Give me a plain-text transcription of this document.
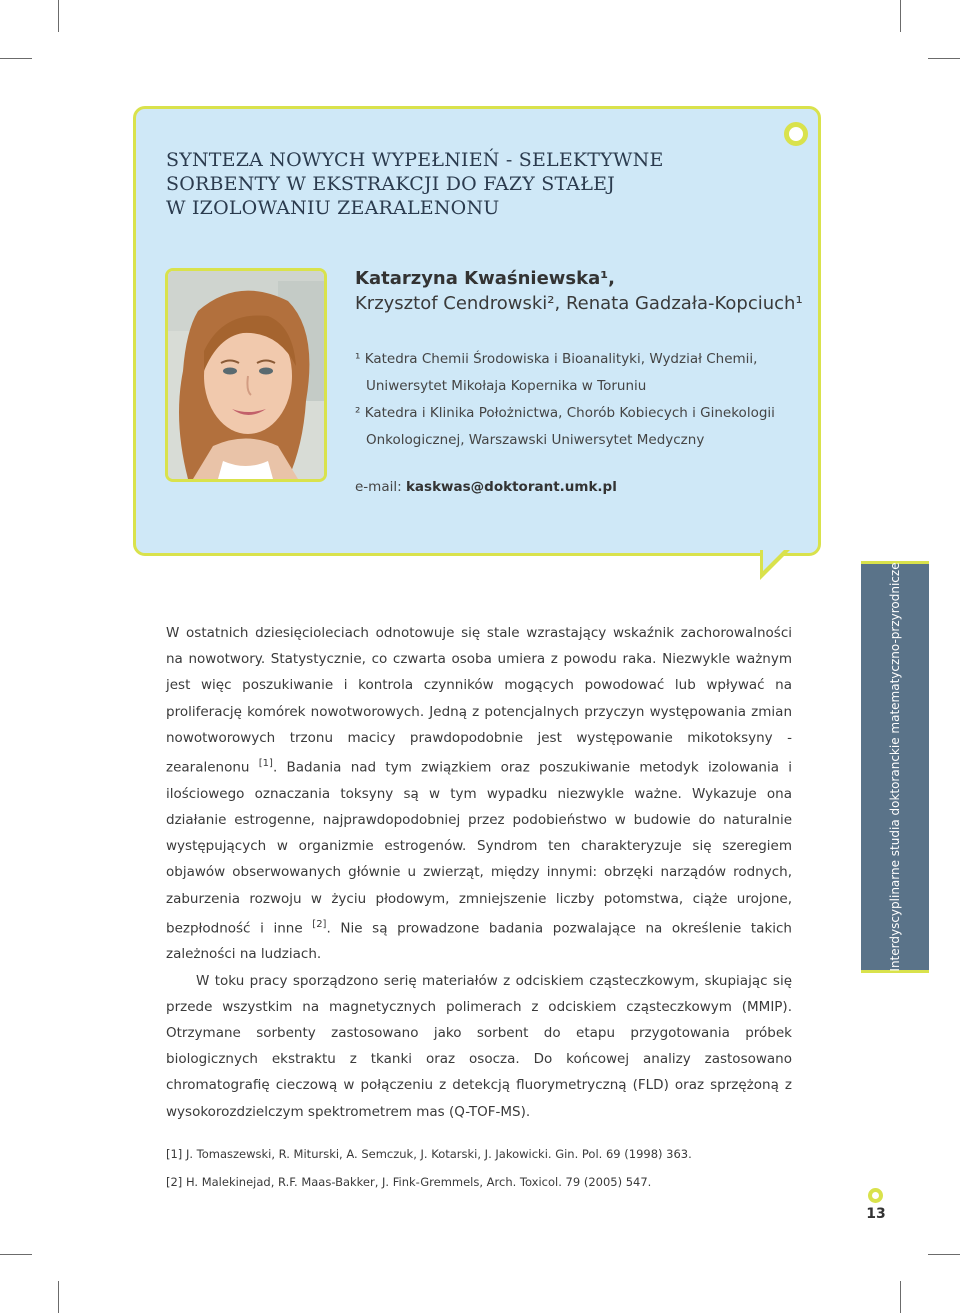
SYNTEZA NOWYCH WYPEŁNIEŃ - SELEKTYWNE
SORBENTY W EKSTRAKCJI DO FAZY STAŁEJ
W IZOLOWANIU ZEARALENONU
Katarzyna Kwaśniewska¹,
Krzysztof Cendrowski², Renata Gadzała-Kopciuch¹
¹ Katedra Chemii Środowiska i Bioanalityki, Wydział Chemii,
Uniwersytet Mikołaja Kopernika w Toruniu
² Katedra i Klinika Położnictwa, Chorób Kobiecych i Ginekologii
Onkologicznej, Warszawski Uniwersytet Medyczny
e-mail: kaskwas@doktorant.umk.pl
Interdyscyplinarne studia doktoranckie matematyczno-przyrodnicze

W ostatnich dziesięcioleciach odnotowuje się stale wzrastający wskaźnik zachorowalności na nowotwory. Statystycznie, co czwarta osoba umiera z powodu raka. Niezwykle ważnym jest więc poszukiwanie i kontrola czynników mogących powodować lub wpływać na proliferację komórek nowotworowych. Jedną z potencjalnych przyczyn występowania zmian nowotworowych trzonu macicy prawdopodobnie jest występowanie mikotoksyny - zearalenonu [1]. Badania nad tym związkiem oraz poszukiwanie metodyk izolowania i ilościowego oznaczania toksyny są w tym wypadku niezwykle ważne. Wykazuje ona działanie estrogenne, najprawdopodobniej przez podobieństwo w budowie do naturalnie występujących w organizmie estrogenów. Syndrom ten charakteryzuje się szeregiem objawów obserwowanych głównie u zwierząt, między innymi: obrzęki narządów rodnych, zaburzenia rozwoju w życiu płodowym, zmniejszenie liczby potomstwa, ciąże urojone, bezpłodność i inne [2]. Nie są prowadzone badania pozwalające na określenie takich zależności na ludziach.

W toku pracy sporządzono serię materiałów z odciskiem cząsteczkowym, skupiając się przede wszystkim na magnetycznych polimerach z odciskiem cząsteczkowym (MMIP). Otrzymane sorbenty zastosowano jako sorbent do etapu przygotowania próbek biologicznych ekstraktu z tkanki oraz osocza. Do końcowej analizy zastosowano chromatografię cieczową w połączeniu z detekcją fluorymetryczną (FLD) oraz sprzężoną z wysokorozdzielczym spektrometrem mas (Q-TOF-MS).

[1] J. Tomaszewski, R. Miturski, A. Semczuk, J. Kotarski, J. Jakowicki. Gin. Pol. 69 (1998) 363.
[2] H. Malekinejad, R.F. Maas-Bakker, J. Fink-Gremmels, Arch. Toxicol. 79 (2005) 547.
13
